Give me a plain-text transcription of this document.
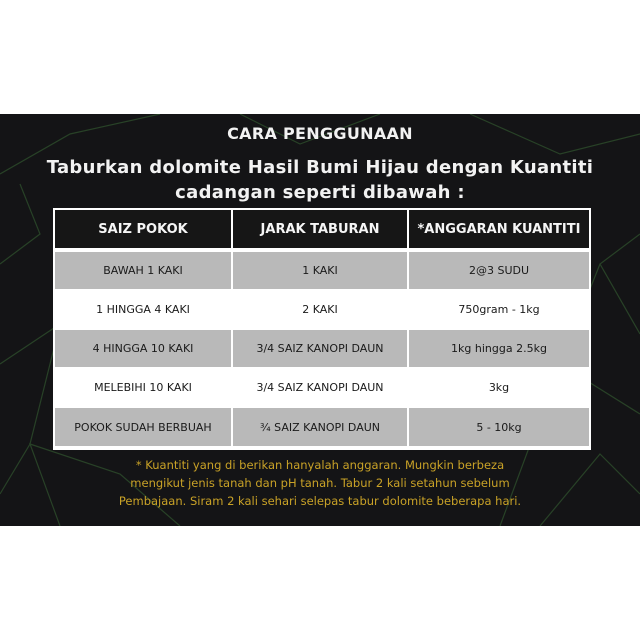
CARA PENGGUNAAN
Taburkan dolomite Hasil Bumi Hijau dengan Kuantiti
cadangan seperti dibawah :
SAIZ POKOK	JARAK TABURAN	*ANGGARAN KUANTITI
BAWAH 1 KAKI	1 KAKI	2@3 SUDU
1 HINGGA 4 KAKI	2 KAKI	750gram - 1kg
4 HINGGA 10 KAKI	3/4 SAIZ KANOPI DAUN	1kg hingga 2.5kg
MELEBIHI 10 KAKI	3/4 SAIZ KANOPI DAUN	3kg
POKOK SUDAH BERBUAH	¾ SAIZ KANOPI DAUN	5 - 10kg
* Kuantiti yang di berikan hanyalah anggaran. Mungkin berbeza
mengikut jenis tanah dan pH tanah. Tabur 2 kali setahun sebelum
Pembajaan. Siram 2 kali sehari selepas tabur dolomite beberapa hari.
